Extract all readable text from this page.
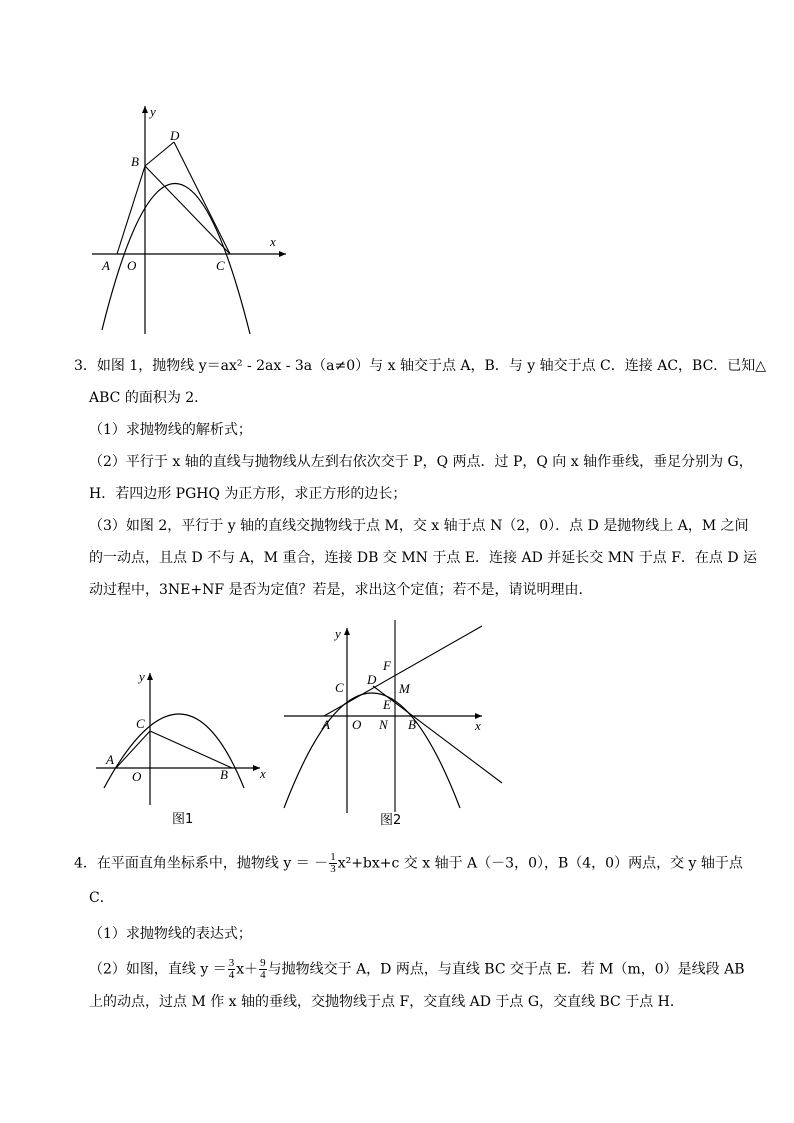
y
x
D
B
A O	C
3．如图 1，抛物线 y＝ax² - 2ax - 3a（a≠0）与 x 轴交于点 A，B．与 y 轴交于点 C．连接 AC，BC．已知△
ABC 的面积为 2．
（1）求抛物线的解析式；
（2）平行于 x 轴的直线与抛物线从左到右依次交于 P，Q 两点．过 P，Q 向 x 轴作垂线，垂足分别为 G，
H．若四边形 PGHQ 为正方形，求正方形的边长；
（3）如图 2，平行于 y 轴的直线交抛物线于点 M，交 x 轴于点 N（2，0）．点 D 是抛物线上 A，M 之间
的一动点，且点 D 不与 A，M 重合，连接 DB 交 MN 于点 E．连接 AD 并延长交 MN 于点 F．在点 D 运
动过程中，3NE+NF 是否为定值？若是，求出这个定值；若不是，请说明理由．
y
x
C
A
O	B
图1
y
x
C
D
F
M
E
A O N B
图2
4．在平面直角坐标系中，抛物线 y ＝ － $\frac{1}{3} x^2+bx+c$ 交 x 轴于 A（－3，0），B（4，0）两点，交 y 轴于点
C．
（1）求抛物线的表达式；
（2）如图，直线 $y = \frac{3}{4} x+ \frac{9}{4}$ 与抛物线交于 A，D 两点，与直线 BC 交于点 E．若 M（m，0）是线段 AB
上的动点，过点 M 作 x 轴的垂线，交抛物线于点 F，交直线 AD 于点 G，交直线 BC 于点 H．
